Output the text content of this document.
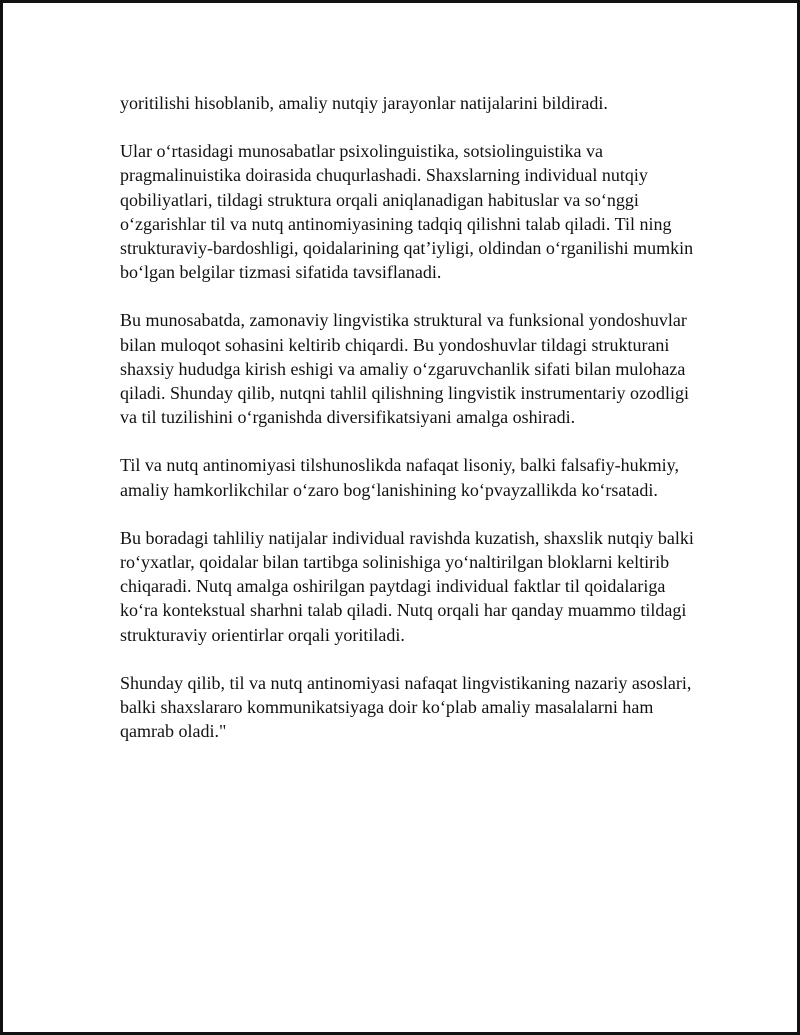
yoritilishi hisoblanib, amaliy nutqiy jarayonlar natijalarini bildiradi.

Ular o‘rtasidagi munosabatlar psixolinguistika, sotsiolinguistika va pragmalinuistika doirasida chuqurlashadi. Shaxslarning individual nutqiy qobiliyatlari, tildagi struktura orqali aniqlanadigan habituslar va so‘nggi o‘zgarishlar til va nutq antinomiyasining tadqiq qilishni talab qiladi. Til ning strukturaviy-bardoshligi, qoidalarining qat’iyligi, oldindan o‘rganilishi mumkin bo‘lgan belgilar tizmasi sifatida tavsiflanadi.

Bu munosabatda, zamonaviy lingvistika struktural va funksional yondoshuvlar bilan muloqot sohasini keltirib chiqardi. Bu yondoshuvlar tildagi strukturani shaxsiy hududga kirish eshigi va amaliy o‘zgaruvchanlik sifati bilan mulohaza qiladi. Shunday qilib, nutqni tahlil qilishning lingvistik instrumentariy ozodligi va til tuzilishini o‘rganishda diversifikatsiyani amalga oshiradi.

Til va nutq antinomiyasi tilshunoslikda nafaqat lisoniy, balki falsafiy-hukmiy, amaliy hamkorlikchilar o‘zaro bog‘lanishining ko‘pvayzallikda ko‘rsatadi.

Bu boradagi tahliliy natijalar individual ravishda kuzatish, shaxslik nutqiy balki ro‘yxatlar, qoidalar bilan tartibga solinishiga yo‘naltirilgan bloklarni keltirib chiqaradi. Nutq amalga oshirilgan paytdagi individual faktlar til qoidalariga ko‘ra kontekstual sharhni talab qiladi. Nutq orqali har qanday muammo tildagi strukturaviy orientirlar orqali yoritiladi.

Shunday qilib, til va nutq antinomiyasi nafaqat lingvistikaning nazariy asoslari, balki shaxslararo kommunikatsiyaga doir ko‘plab amaliy masalalarni ham qamrab oladi."
